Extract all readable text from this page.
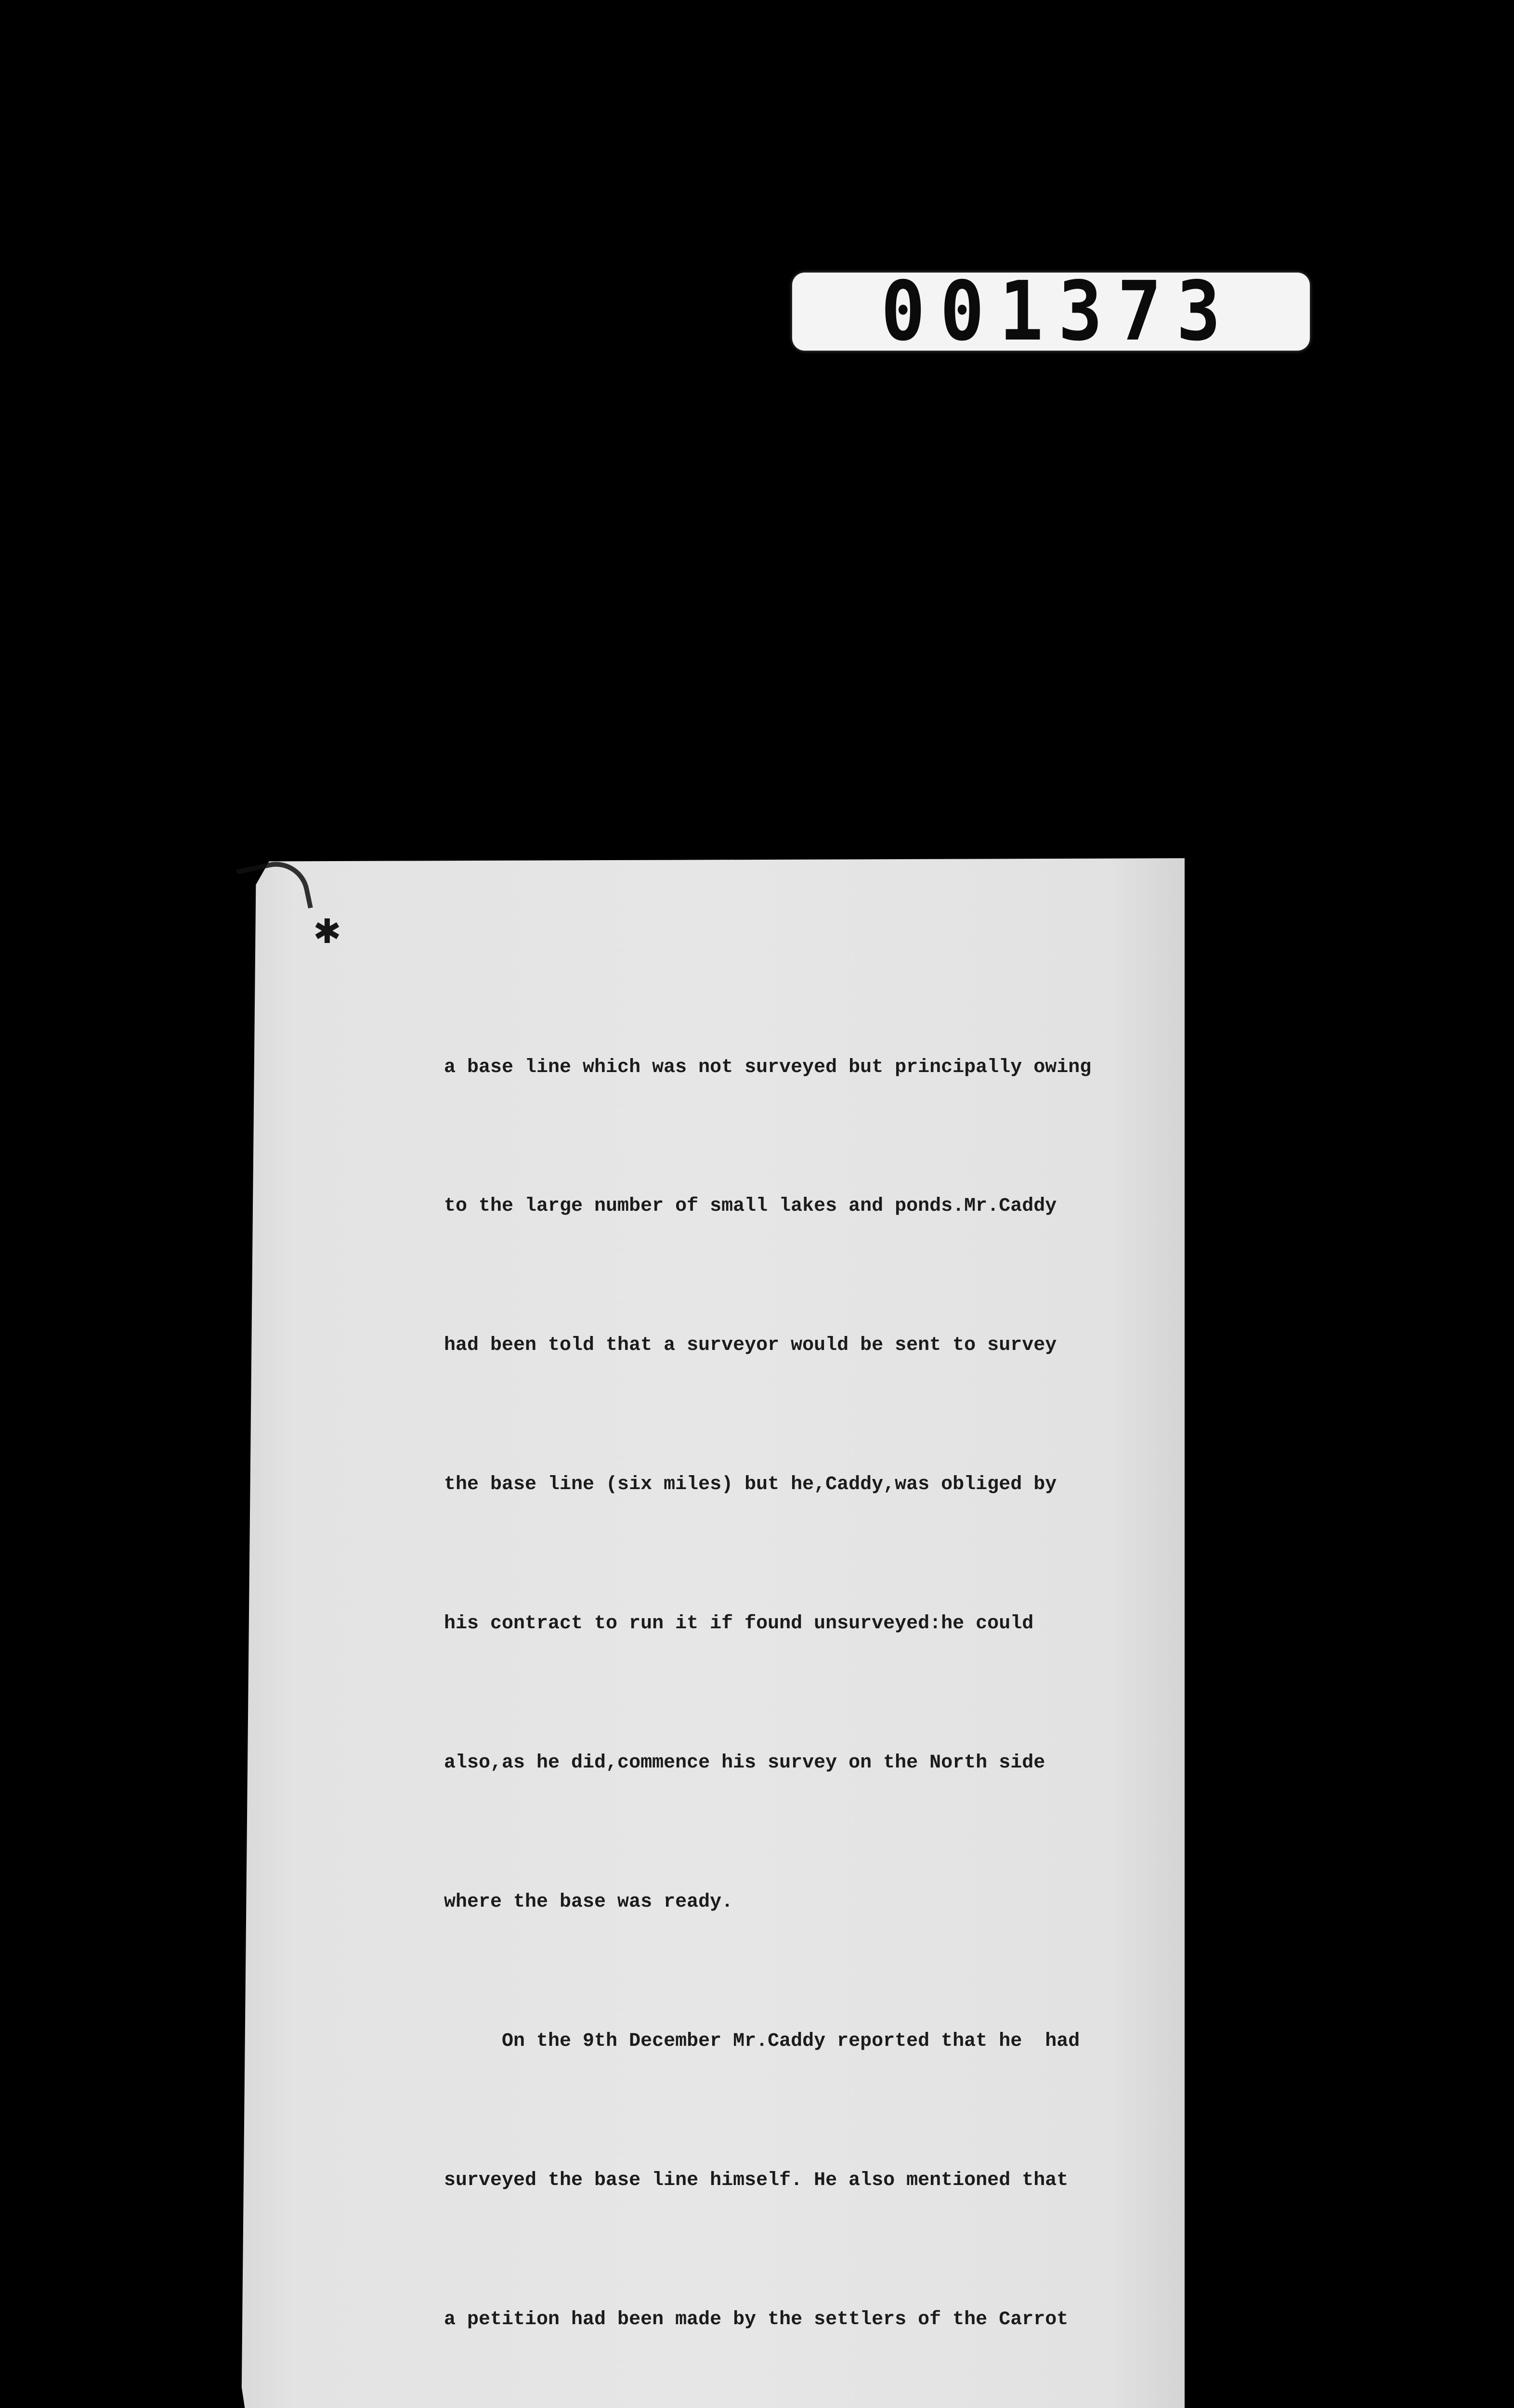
001373
✱

a base line which was not surveyed but principally owing

to the large number of small lakes and ponds.Mr.Caddy

had been told that a surveyor would be sent to survey

the base line (six miles) but he,Caddy,was obliged by

his contract to run it if found unsurveyed:he could

also,as he did,commence his survey on the North side

where the base was ready.

On the 9th December Mr.Caddy reported that he  had

surveyed the base line himself. He also mentioned that

a petition had been made by the settlers of the Carrot
